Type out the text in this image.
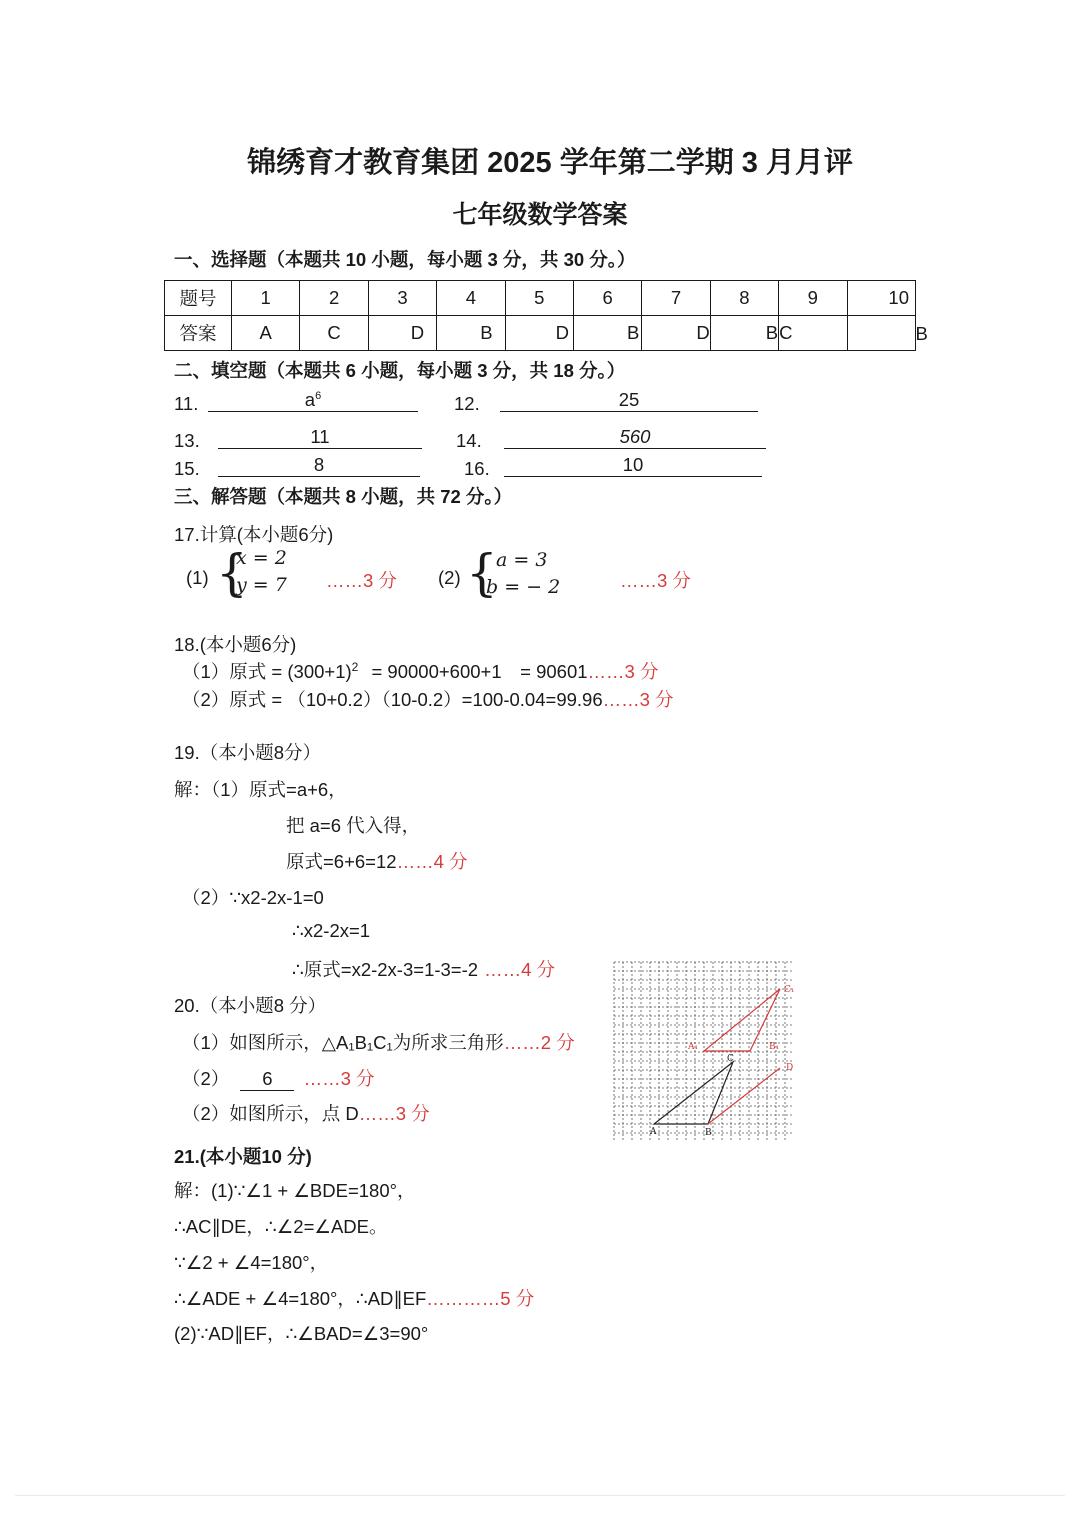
锦绣育才教育集团 2025 学年第二学期 3 月月评
七年级数学答案
一、选择题（本题共 10 小题，每小题 3 分，共 30 分。）
题号	1	2	3	4	5	6	7	8	9	10
答案	A	C	D	B	D	B	D	B	C	B
二、填空题（本题共 6 小题，每小题 3 分，共 18 分。）
11.	$a^6$	12.	25
13.	11	14.	560
15.	8	16.	10
三、解答题（本题共 8 小题，共 72 分。）
17.计算(本小题6分)
(1) {
x = 2
y = 7 ……3 分 (2) {
a = 3
b = − 2	……3 分
18.(本小题6分)
（1）原式 = $(300+1)^2 = 90000+600+1$　= 90601……3 分
（2）原式 = （10+0.2）（10-0.2）=100-0.04=99.96……3 分
19.（本小题8分）
解：（1）原式=a+6，
把 a=6 代入得，
原式=6+6=12……4 分
（2）∵x2-2x-1=0
∴x2-2x=1
∴原式=x2-2x-3=1-3=-2 ……4 分
20.（本小题8 分）
（1）如图所示，△A₁B₁C₁为所求三角形……2 分
（2） 6 ……3 分
（2）如图所示，点 D……3 分
A	B
C
A₁	B₁
C₁
D
21.(本小题10 分)
解：(1)∵∠1 + ∠BDE=180°，
∴AC∥DE，∴∠2=∠ADE。
∵∠2 + ∠4=180°，
∴∠ADE + ∠4=180°，∴AD∥EF…………5 分
(2)∵AD∥EF，∴∠BAD=∠3=90°
